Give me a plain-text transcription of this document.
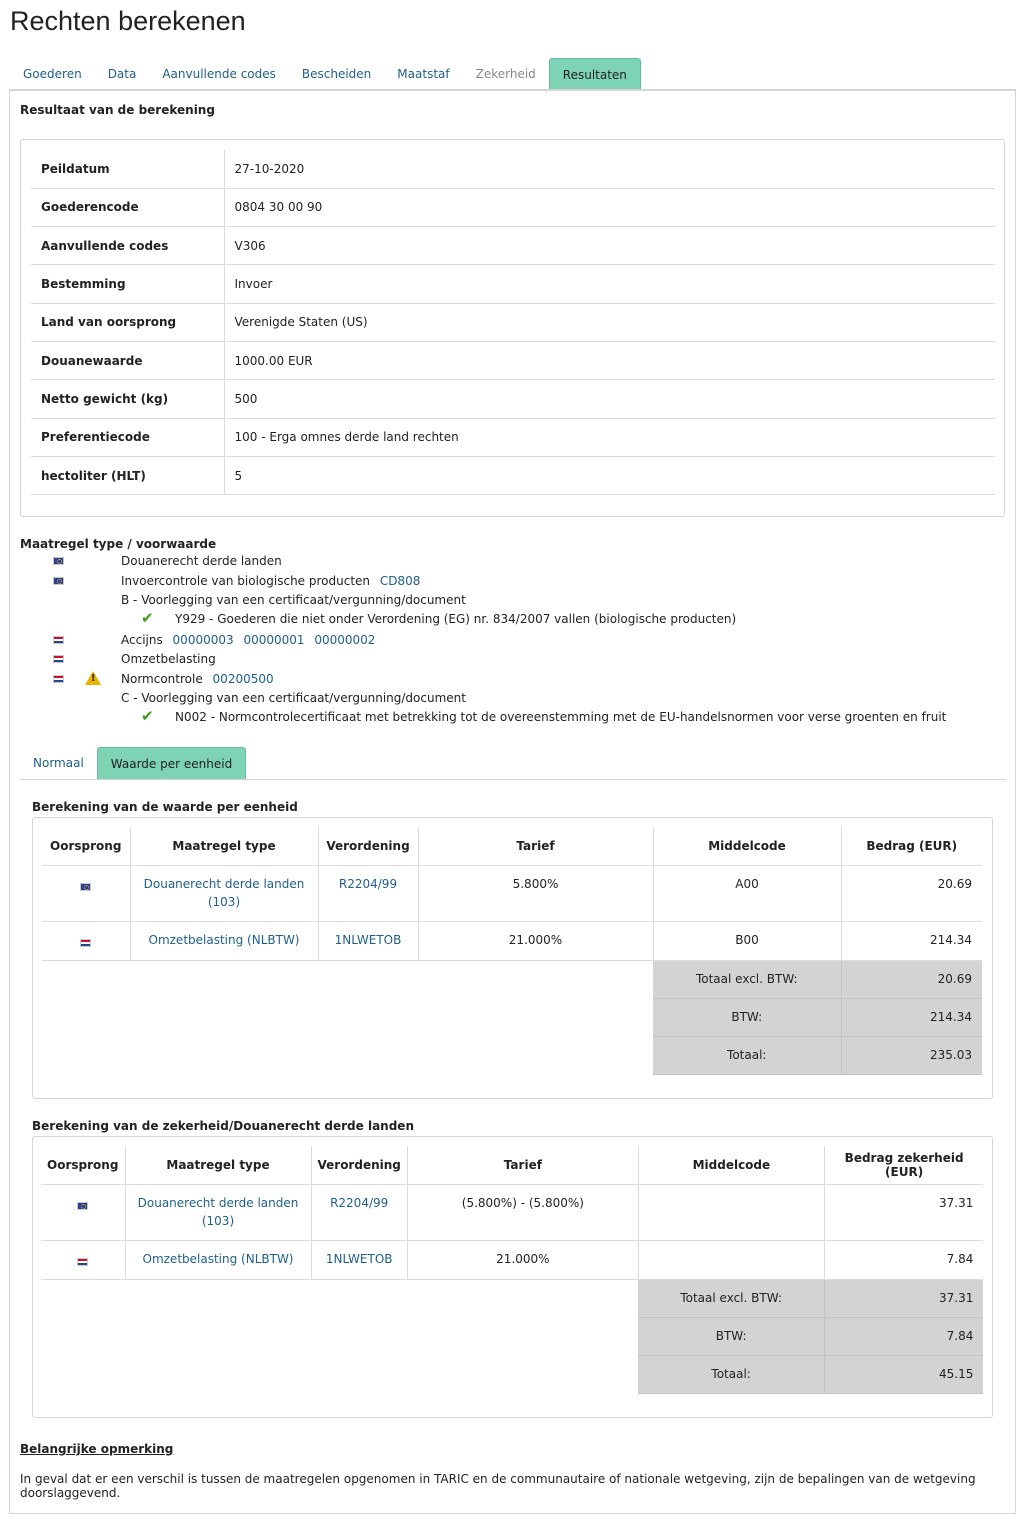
Rechten berekenen
Goederen	Data	Aanvullende codes	Bescheiden	Maatstaf	Zekerheid	Resultaten
Resultaat van de berekening
Peildatum	27-10-2020
Goederencode	0804 30 00 90
Aanvullende codes	V306
Bestemming	Invoer
Land van oorsprong	Verenigde Staten (US)
Douanewaarde	1000.00 EUR
Netto gewicht (kg)	500
Preferentiecode	100 - Erga omnes derde land rechten
hectoliter (HLT)	5
Maatregel type / voorwaarde
Douanerecht derde landen
Invoercontrole van biologische producten CD808
B - Voorlegging van een certificaat/vergunning/document
✔ Y929 - Goederen die niet onder Verordening (EG) nr. 834/2007 vallen (biologische producten)
Accijns 00000003 00000001 00000002
Omzetbelasting
! Normcontrole 00200500
C - Voorlegging van een certificaat/vergunning/document
✔ N002 - Normcontrolecertificaat met betrekking tot de overeenstemming met de EU-handelsnormen voor verse groenten en fruit
Normaal	Waarde per eenheid
Berekening van de waarde per eenheid
Oorsprong	Maatregel type	Verordening	Tarief	Middelcode	Bedrag (EUR)
	Douanerecht derde landen
(103)	R2204/99	5.800%	A00	20.69
	Omzetbelasting (NLBTW)	1NLWETOB	21.000%	B00	214.34
				Totaal excl. BTW:	20.69
				BTW:	214.34
				Totaal:	235.03
Berekening van de zekerheid/Douanerecht derde landen
Oorsprong	Maatregel type	Verordening	Tarief	Middelcode	Bedrag zekerheid (EUR)
	Douanerecht derde landen
(103)	R2204/99	(5.800%) - (5.800%)		37.31
	Omzetbelasting (NLBTW)	1NLWETOB	21.000%		7.84
				Totaal excl. BTW:	37.31
				BTW:	7.84
				Totaal:	45.15
Belangrijke opmerking
In geval dat er een verschil is tussen de maatregelen opgenomen in TARIC en de communautaire of nationale wetgeving, zijn de bepalingen van de wetgeving doorslaggevend.
